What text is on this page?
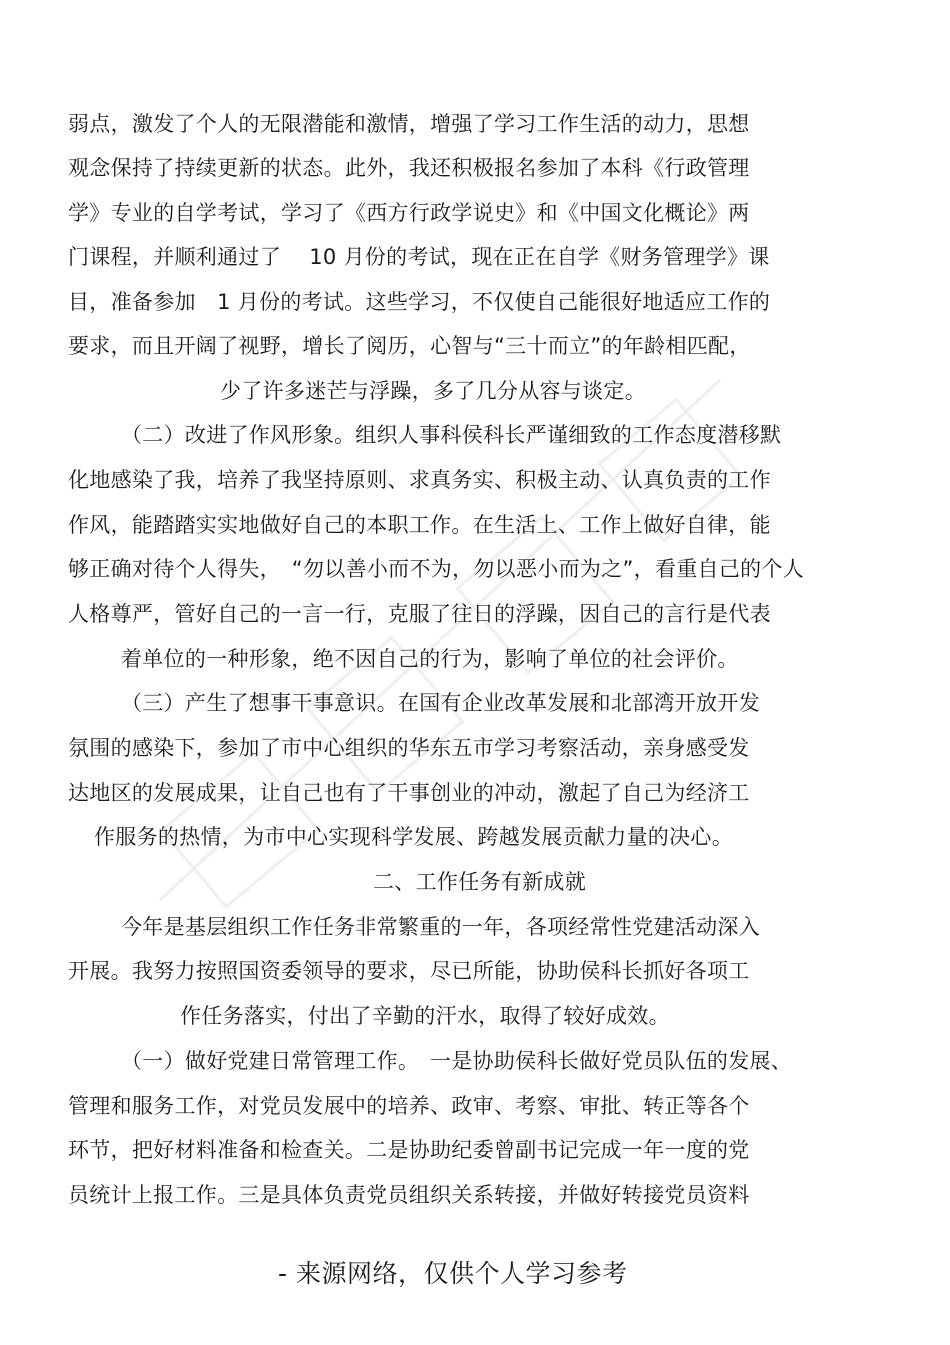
弱点，激发了个人的无限潜能和激情，增强了学习工作生活的动力，思想
观念保持了持续更新的状态。此外，我还积极报名参加了本科《行政管理
学》专业的自学考试，学习了《西方行政学说史》和《中国文化概论》两
门课程，并顺利通过了　 10 月份的考试，现在正在自学《财务管理学》课
目，准备参加　1 月份的考试。这些学习，不仅使自己能很好地适应工作的
要求，而且开阔了视野，增长了阅历，心智与“三十而立”的年龄相匹配，
少了许多迷芒与浮躁，多了几分从容与谈定。
（二）改进了作风形象。组织人事科侯科长严谨细致的工作态度潜移默
化地感染了我，培养了我坚持原则、求真务实、积极主动、认真负责的工作
作风，能踏踏实实地做好自己的本职工作。在生活上、工作上做好自律，能
够正确对待个人得失，　“勿以善小而不为，勿以恶小而为之”，看重自己的个人
人格尊严，管好自己的一言一行，克服了往日的浮躁，因自己的言行是代表
着单位的一种形象，绝不因自己的行为，影响了单位的社会评价。
（三）产生了想事干事意识。在国有企业改革发展和北部湾开放开发
氛围的感染下，参加了市中心组织的华东五市学习考察活动，亲身感受发
达地区的发展成果，让自己也有了干事创业的冲动，激起了自己为经济工
作服务的热情，为市中心实现科学发展、跨越发展贡献力量的决心。
二、工作任务有新成就
今年是基层组织工作任务非常繁重的一年，各项经常性党建活动深入
开展。我努力按照国资委领导的要求，尽已所能，协助侯科长抓好各项工
作任务落实，付出了辛勤的汗水，取得了较好成效。
（一）做好党建日常管理工作。　一是协助侯科长做好党员队伍的发展、
管理和服务工作，对党员发展中的培养、政审、考察、审批、转正等各个
环节，把好材料准备和检查关。二是协助纪委曾副书记完成一年一度的党
员统计上报工作。三是具体负责党员组织关系转接，并做好转接党员资料
- 来源网络，仅供个人学习参考
